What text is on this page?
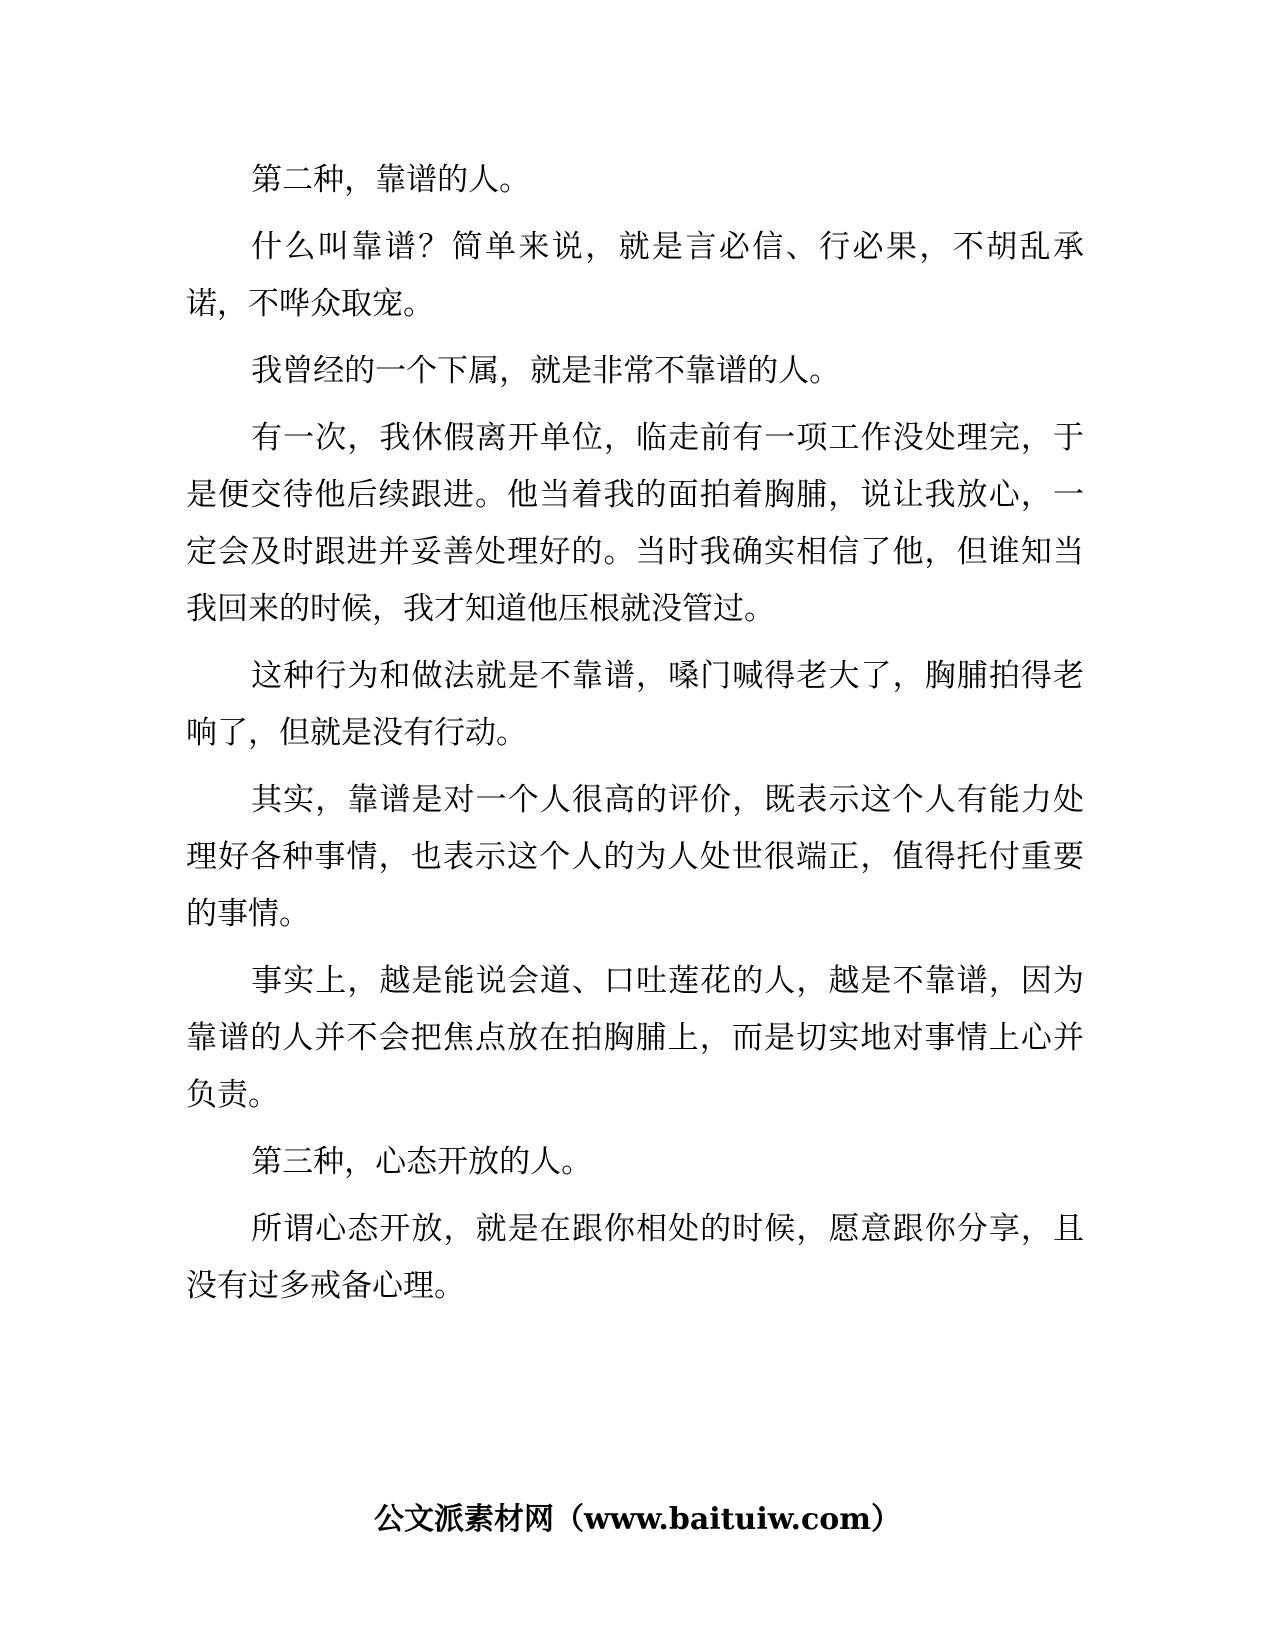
第二种，靠谱的人。

什么叫靠谱？简单来说，就是言必信、行必果，不胡乱承诺，不哗众取宠。

我曾经的一个下属，就是非常不靠谱的人。

有一次，我休假离开单位，临走前有一项工作没处理完，于是便交待他后续跟进。他当着我的面拍着胸脯，说让我放心，一定会及时跟进并妥善处理好的。当时我确实相信了他，但谁知当我回来的时候，我才知道他压根就没管过。

这种行为和做法就是不靠谱，嗓门喊得老大了，胸脯拍得老响了，但就是没有行动。

其实，靠谱是对一个人很高的评价，既表示这个人有能力处理好各种事情，也表示这个人的为人处世很端正，值得托付重要的事情。

事实上，越是能说会道、口吐莲花的人，越是不靠谱，因为靠谱的人并不会把焦点放在拍胸脯上，而是切实地对事情上心并负责。

第三种，心态开放的人。

所谓心态开放，就是在跟你相处的时候，愿意跟你分享，且没有过多戒备心理。

公文派素材网（www.baituiw.com）
